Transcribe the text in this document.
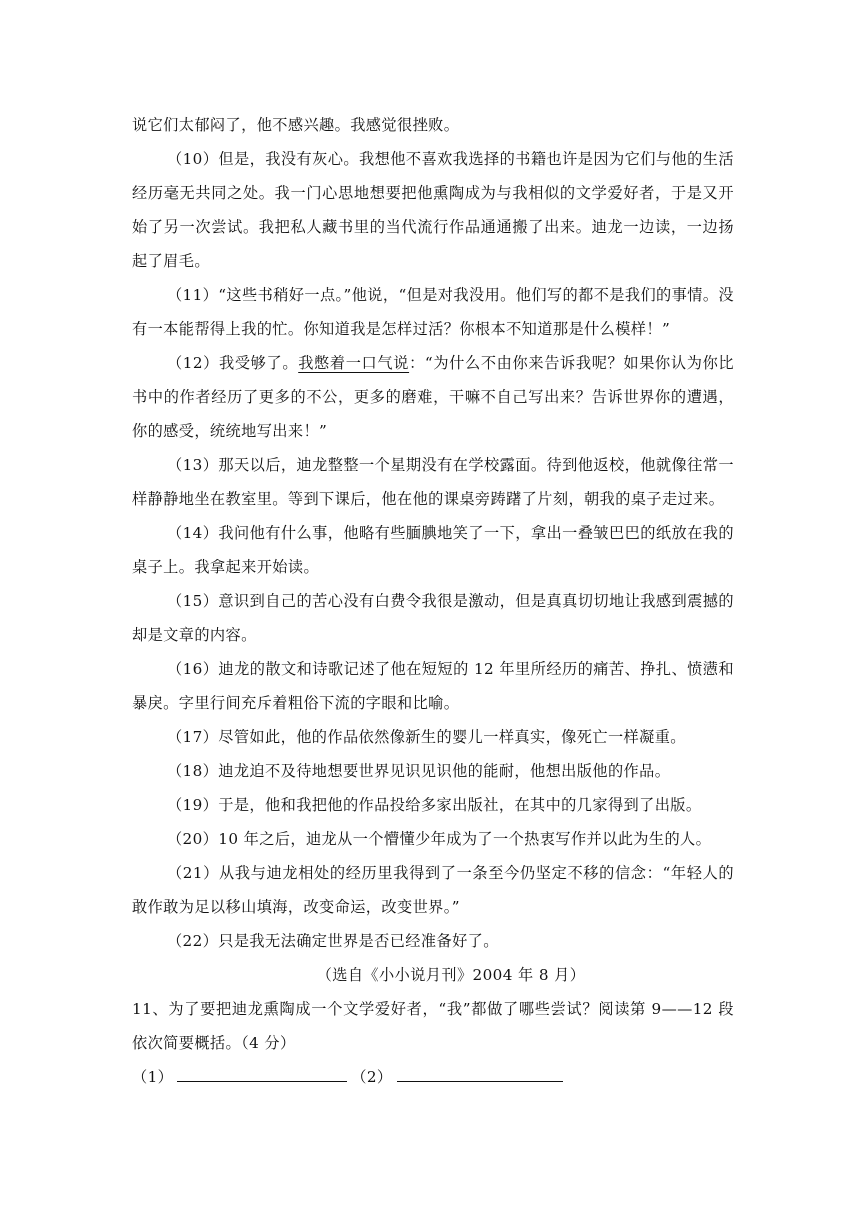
说它们太郁闷了，他不感兴趣。我感觉很挫败。

（10）但是，我没有灰心。我想他不喜欢我选择的书籍也许是因为它们与他的生活经历毫无共同之处。我一门心思地想要把他熏陶成为与我相似的文学爱好者，于是又开始了另一次尝试。我把私人藏书里的当代流行作品通通搬了出来。迪龙一边读，一边扬起了眉毛。

（11）“这些书稍好一点。”他说，“但是对我没用。他们写的都不是我们的事情。没有一本能帮得上我的忙。你知道我是怎样过活？你根本不知道那是什么模样！”

（12）我受够了。我憋着一口气说：“为什么不由你来告诉我呢？如果你认为你比书中的作者经历了更多的不公，更多的磨难，干嘛不自己写出来？告诉世界你的遭遇，你的感受，统统地写出来！”

（13）那天以后，迪龙整整一个星期没有在学校露面。待到他返校，他就像往常一样静静地坐在教室里。等到下课后，他在他的课桌旁踌躇了片刻，朝我的桌子走过来。

（14）我问他有什么事，他略有些腼腆地笑了一下，拿出一叠皱巴巴的纸放在我的桌子上。我拿起来开始读。

（15）意识到自己的苦心没有白费令我很是激动，但是真真切切地让我感到震撼的却是文章的内容。

（16）迪龙的散文和诗歌记述了他在短短的 12 年里所经历的痛苦、挣扎、愤懑和暴戾。字里行间充斥着粗俗下流的字眼和比喻。

（17）尽管如此，他的作品依然像新生的婴儿一样真实，像死亡一样凝重。

（18）迪龙迫不及待地想要世界见识见识他的能耐，他想出版他的作品。

（19）于是，他和我把他的作品投给多家出版社，在其中的几家得到了出版。

（20）10 年之后，迪龙从一个懵懂少年成为了一个热衷写作并以此为生的人。

（21）从我与迪龙相处的经历里我得到了一条至今仍坚定不移的信念：“年轻人的敢作敢为足以移山填海，改变命运，改变世界。”

（22）只是我无法确定世界是否已经准备好了。

（选自《小小说月刊》2004 年 8 月）

11、为了要把迪龙熏陶成一个文学爱好者，“我”都做了哪些尝试？阅读第 9——12 段依次简要概括。（4 分）

（1）	（2）
